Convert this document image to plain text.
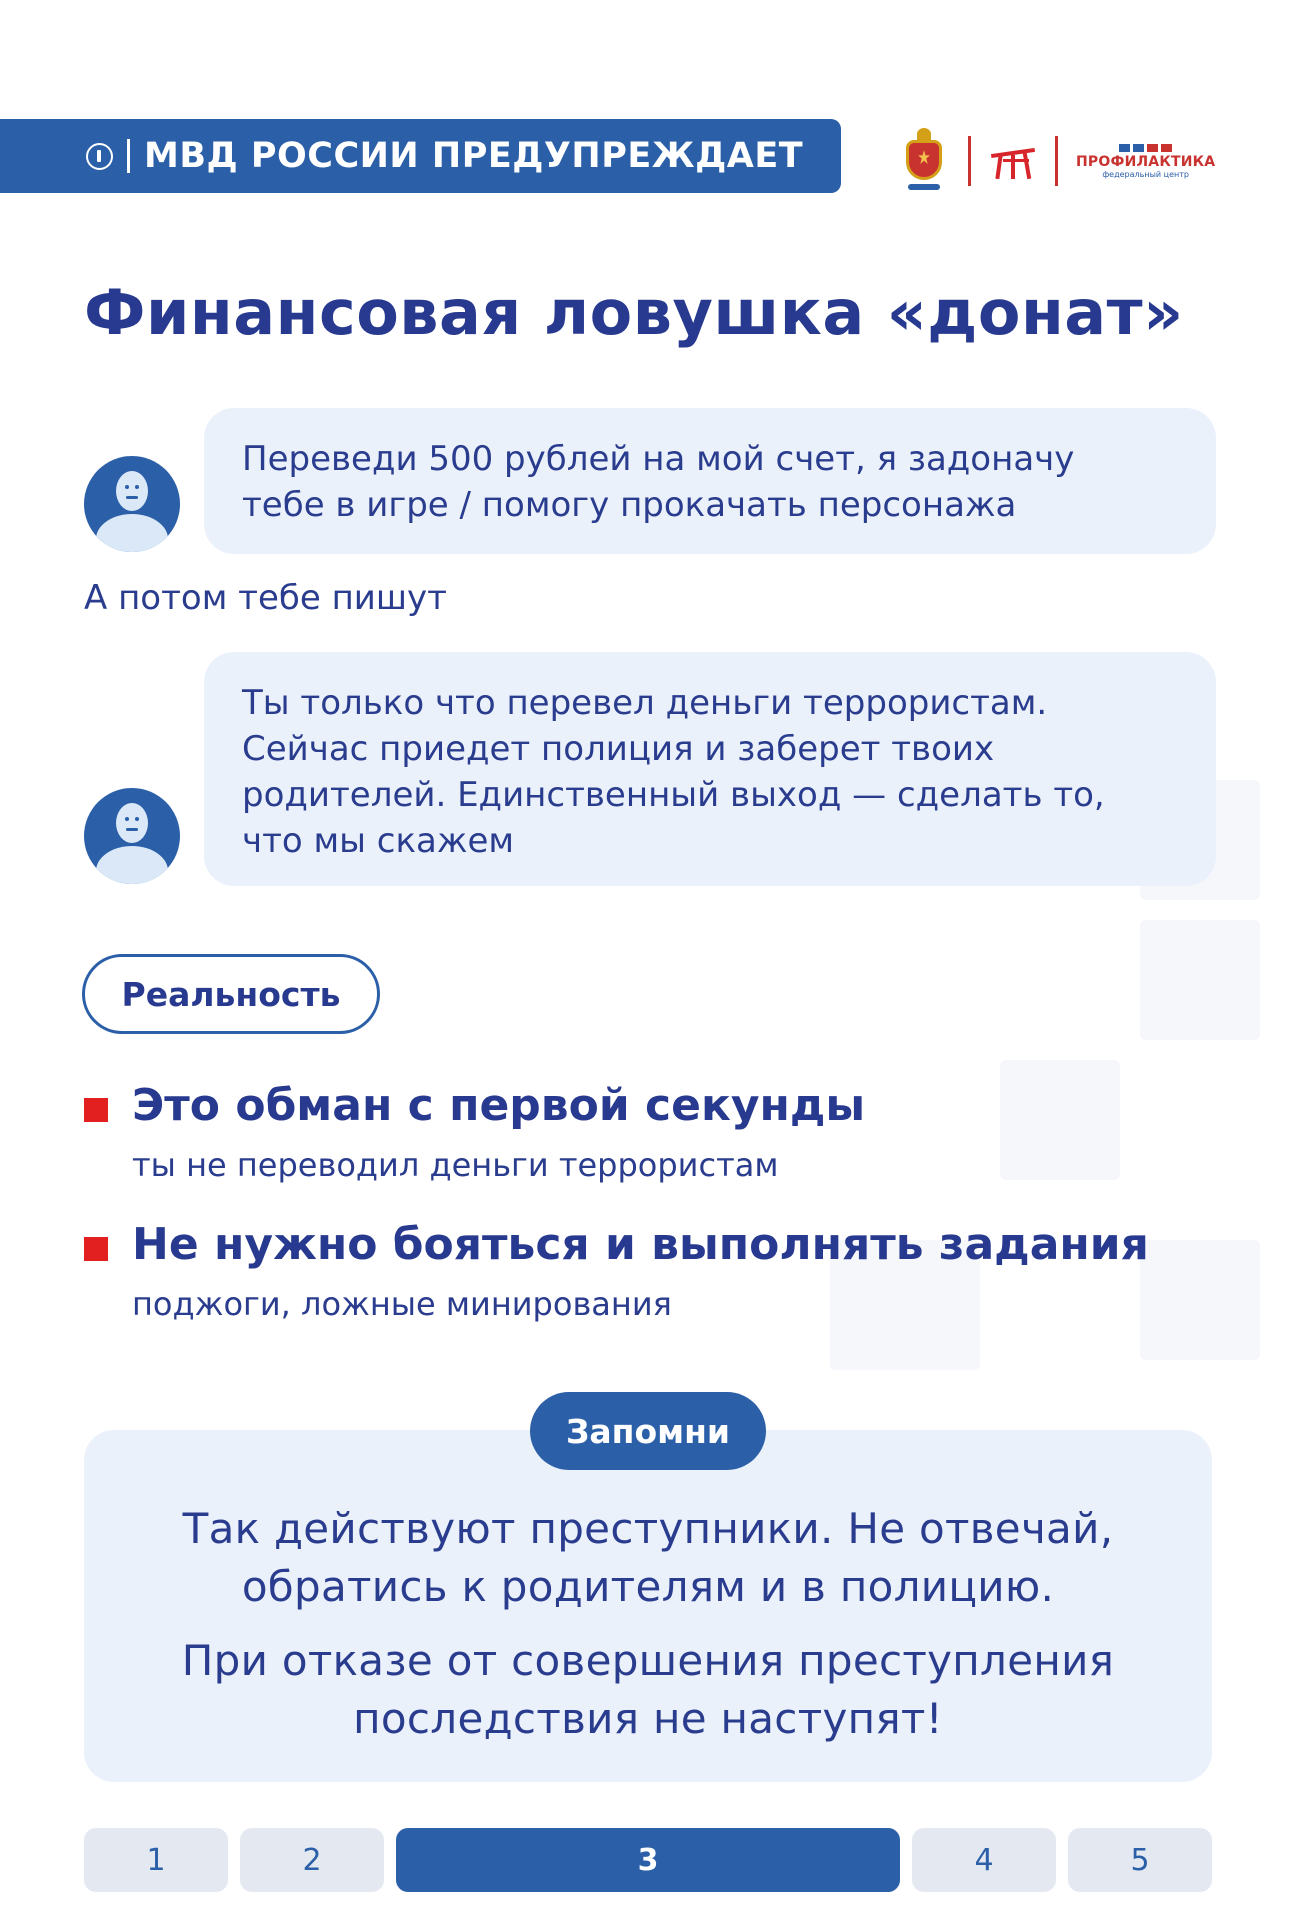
МВД РОССИИ ПРЕДУПРЕЖДАЕТ	ПРОФИЛАКТИКА
федеральный центр
Финансовая ловушка «донат»
Переведи 500 рублей на мой счет, я задоначу
тебе в игре / помогу прокачать персонажа
А потом тебе пишут
Ты только что перевел деньги террористам.
Сейчас приедет полиция и заберет твоих
родителей. Единственный выход — сделать то,
что мы скажем
Реальность
Это обман с первой секунды
ты не переводил деньги террористам
Не нужно бояться и выполнять задания
поджоги, ложные минирования
Запомни
Так действуют преступники. Не отвечай,
обратись к родителям и в полицию.
При отказе от совершения преступления
последствия не наступят!
1	2	3	4	5
